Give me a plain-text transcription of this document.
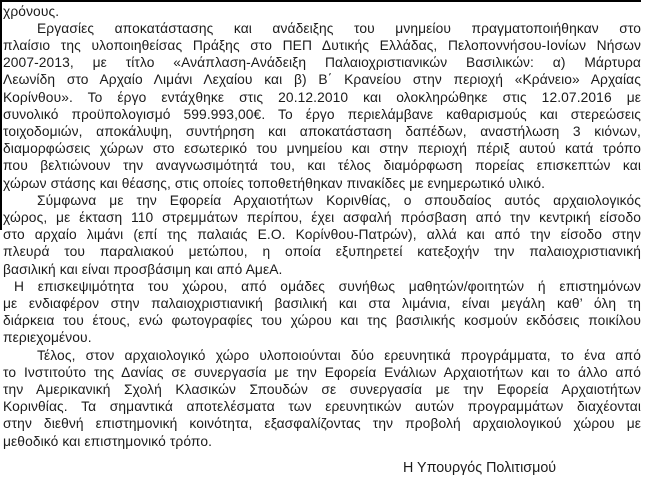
χρόνους.

Εργασίες αποκατάστασης και ανάδειξης του μνημείου πραγματοποιήθηκαν στο
πλαίσιο της υλοποιηθείσας Πράξης στο ΠΕΠ Δυτικής Ελλάδας, Πελοποννήσου-Ιονίων Νήσων
2007-2013, με τίτλο «Ανάπλαση-Ανάδειξη Παλαιοχριστιανικών Βασιλικών: α) Μάρτυρα
Λεωνίδη στο Αρχαίο Λιμάνι Λεχαίου και β) Β΄ Κρανείου στην περιοχή «Κράνειο» Αρχαίας
Κορίνθου». Το έργο εντάχθηκε στις 20.12.2010 και ολοκληρώθηκε στις 12.07.2016 με
συνολικό προϋπολογισμό 599.993,00€. Το έργο περιελάμβανε καθαρισμούς και στερεώσεις
τοιχοδομιών, αποκάλυψη, συντήρηση και αποκατάσταση δαπέδων, αναστήλωση 3 κιόνων,
διαμορφώσεις χώρων στο εσωτερικό του μνημείου και στην περιοχή πέριξ αυτού κατά τρόπο
που βελτιώνουν την αναγνωσιμότητά του, και τέλος διαμόρφωση πορείας επισκεπτών και
χώρων στάσης και θέασης, στις οποίες τοποθετήθηκαν πινακίδες με ενημερωτικό υλικό.

Σύμφωνα με την Εφορεία Αρχαιοτήτων Κορινθίας, ο σπουδαίος αυτός αρχαιολογικός
χώρος, με έκταση 110 στρεμμάτων περίπου, έχει ασφαλή πρόσβαση από την κεντρική είσοδο
στο αρχαίο λιμάνι (επί της παλαιάς Ε.Ο. Κορίνθου-Πατρών), αλλά και από την είσοδο στην
πλευρά του παραλιακού μετώπου, η οποία εξυπηρετεί κατεξοχήν την παλαιοχριστιανική
βασιλική και είναι προσβάσιμη και από ΑμεΑ.

Η επισκεψιμότητα του χώρου, από ομάδες συνήθως μαθητών/φοιτητών ή επιστημόνων
με ενδιαφέρον στην παλαιοχριστιανική βασιλική και στα λιμάνια, είναι μεγάλη καθ’ όλη τη
διάρκεια του έτους, ενώ φωτογραφίες του χώρου και της βασιλικής κοσμούν εκδόσεις ποικίλου
περιεχομένου.

Τέλος, στον αρχαιολογικό χώρο υλοποιούνται δύο ερευνητικά προγράμματα, το ένα από
το Ινστιτούτο της Δανίας σε συνεργασία με την Εφορεία Ενάλιων Αρχαιοτήτων και το άλλο από
την Αμερικανική Σχολή Κλασικών Σπουδών σε συνεργασία με την Εφορεία Αρχαιοτήτων
Κορινθίας. Τα σημαντικά αποτελέσματα των ερευνητικών αυτών προγραμμάτων διαχέονται
στην διεθνή επιστημονική κοινότητα, εξασφαλίζοντας την προβολή αρχαιολογικού χώρου με
μεθοδικό και επιστημονικό τρόπο.

Η Υπουργός Πολιτισμού
